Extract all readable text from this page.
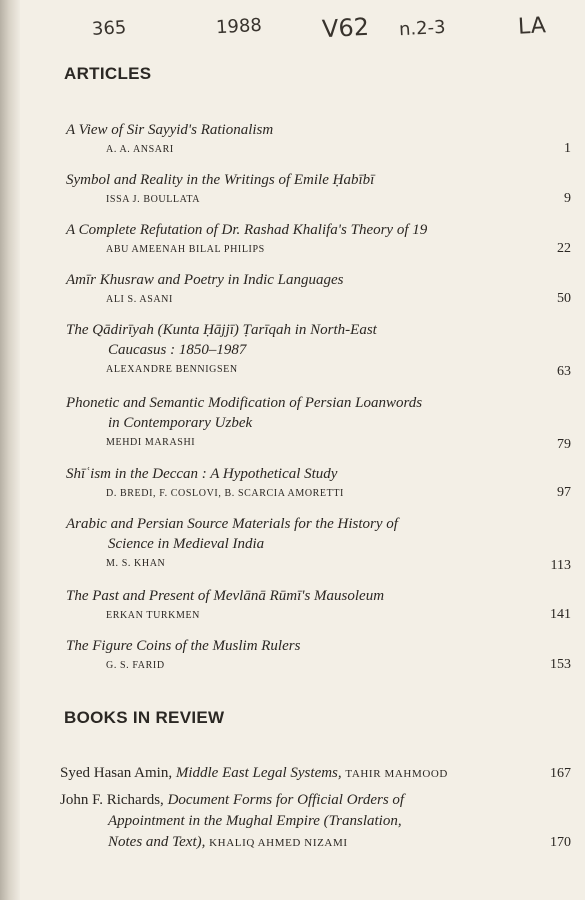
365	1988 V62 n.2-3	LA
ARTICLES
A View of Sir Sayyid's Rationalism
A. A. ANSARI	1
Symbol and Reality in the Writings of Emile Ḥabībī
ISSA J. BOULLATA	9
A Complete Refutation of Dr. Rashad Khalifa's Theory of 19
ABU AMEENAH BILAL PHILIPS	22
Amīr Khusraw and Poetry in Indic Languages
ALI S. ASANI	50
The Qādirīyah (Kunta Ḥājjī) Ṭarīqah in North-East
Caucasus : 1850–1987
ALEXANDRE BENNIGSEN	63
Phonetic and Semantic Modification of Persian Loanwords
in Contemporary Uzbek
MEHDI MARASHI	79
Shīʿism in the Deccan : A Hypothetical Study
D. BREDI, F. COSLOVI, B. SCARCIA AMORETTI	97
Arabic and Persian Source Materials for the History of
Science in Medieval India
M. S. KHAN	113
The Past and Present of Mevlānā Rūmī's Mausoleum
ERKAN TURKMEN	141
The Figure Coins of the Muslim Rulers
G. S. FARID	153
BOOKS IN REVIEW
Syed Hasan Amin, Middle East Legal Systems, TAHIR MAHMOOD	167
John F. Richards, Document Forms for Official Orders of
Appointment in the Mughal Empire (Translation,
Notes and Text), KHALIQ AHMED NIZAMI	170
